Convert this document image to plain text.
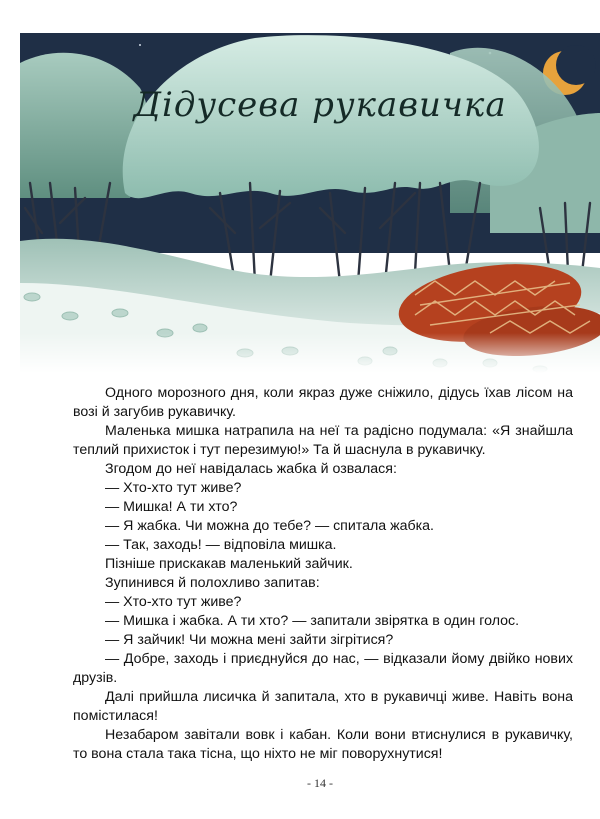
Дідусева рукавичка

Одного морозного дня, коли якраз дуже сніжило, дідусь їхав лісом на возі й загубив рукавичку.

Маленька мишка натрапила на неї та радісно подумала: «Я знайшла теплий прихисток і тут перезимую!» Та й шаснула в рукавичку.

Згодом до неї навідалась жабка й озвалася:

— Хто-хто тут живе?

— Мишка! А ти хто?

— Я жабка. Чи можна до тебе? — спитала жабка.

— Так, заходь! — відповіла мишка.

Пізніше прискакав маленький зайчик.

Зупинився й полохливо запитав:

— Хто-хто тут живе?

— Мишка і жабка. А ти хто? — запитали звірятка в один голос.

— Я зайчик! Чи можна мені зайти зігрітися?

— Добре, заходь і приєднуйся до нас, — відказали йому двійко нових друзів.

Далі прийшла лисичка й запитала, хто в рукавичці живе. Навіть вона помістилася!

Незабаром завітали вовк і кабан. Коли вони втиснулися в рукавичку, то вона стала така тісна, що ніхто не міг поворухнутися!

- 14 -
